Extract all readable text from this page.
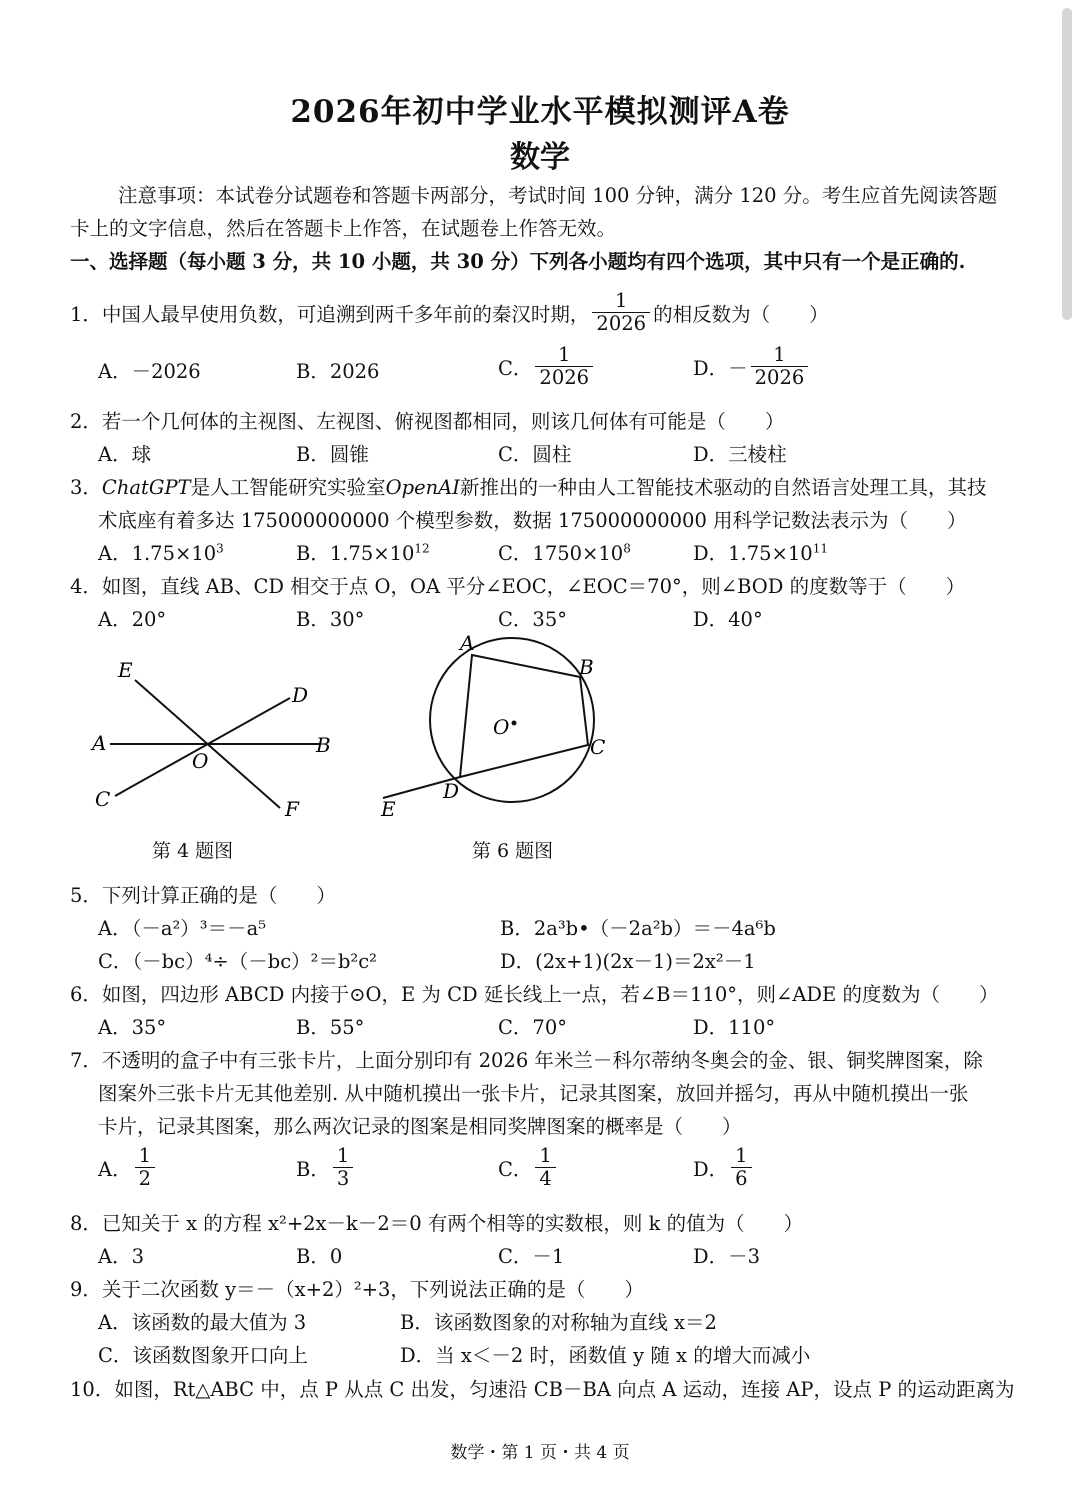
2026年初中学业水平模拟测评A卷
数学
注意事项：本试卷分试题卷和答题卡两部分，考试时间 100 分钟，满分 120 分。考生应首先阅读答题
卡上的文字信息，然后在答题卡上作答，在试题卷上作答无效。
一、选择题（每小题 3 分，共 10 小题，共 30 分）下列各小题均有四个选项，其中只有一个是正确的.
1．中国人最早使用负数，可追溯到两千多年前的秦汉时期， $\frac{1}{2026}$ 的相反数为（　　）
A．－2026	B．2026	C． $\frac{1}{2026}$	D．－ $\frac{1}{2026}$
2．若一个几何体的主视图、左视图、俯视图都相同，则该几何体有可能是（　　）
A．球	B．圆锥	C．圆柱	D．三棱柱
3．ChatGPT是人工智能研究实验室OpenAI新推出的一种由人工智能技术驱动的自然语言处理工具，其技
术底座有着多达 175000000000 个模型参数，数据 175000000000 用科学记数法表示为（　　）
A．$1.75\times 10^3$	B．$1.75\times 10^{12}$	C．$1750\times 10^8$	D．$1.75\times 10^{11}$
4．如图，直线 AB、CD 相交于点 O，OA 平分∠EOC，∠EOC＝70°，则∠BOD 的度数等于（　　）
A．20°	B．30°	C．35°	D．40°
E
D
A	B
O
C	F
第 4 题图
A
B
C
D
E
O
第 6 题图
5．下列计算正确的是（　　）
A．（－a²）³＝－a⁵	B．2a³b•（－2a²b）＝－4a⁶b
C．（－bc）⁴÷（－bc）²＝b²c²	D．(2x+1)(2x－1)＝2x²－1
6．如图，四边形 ABCD 内接于⊙O，E 为 CD 延长线上一点，若∠B＝110°，则∠ADE 的度数为（　　）
A．35°	B．55°	C．70°	D．110°
7．不透明的盒子中有三张卡片，上面分别印有 2026 年米兰－科尔蒂纳冬奥会的金、银、铜奖牌图案，除
图案外三张卡片无其他差别. 从中随机摸出一张卡片，记录其图案，放回并摇匀，再从中随机摸出一张
卡片，记录其图案，那么两次记录的图案是相同奖牌图案的概率是（　　）
A． $\frac{1}{2}$	B． $\frac{1}{3}$	C． $\frac{1}{4}$	D． $\frac{1}{6}$
8．已知关于 x 的方程 x²+2x－k－2＝0 有两个相等的实数根，则 k 的值为（　　）
A．3	B．0	C．－1	D．－3
9．关于二次函数 y＝－（x+2）²+3，下列说法正确的是（　　）
A．该函数的最大值为 3	B．该函数图象的对称轴为直线 x＝2
C．该函数图象开口向上	D．当 x＜－2 时，函数值 y 随 x 的增大而减小
10．如图，Rt△ABC 中，点 P 从点 C 出发，匀速沿 CB－BA 向点 A 运动，连接 AP，设点 P 的运动距离为
数学・第 1 页・共 4 页
